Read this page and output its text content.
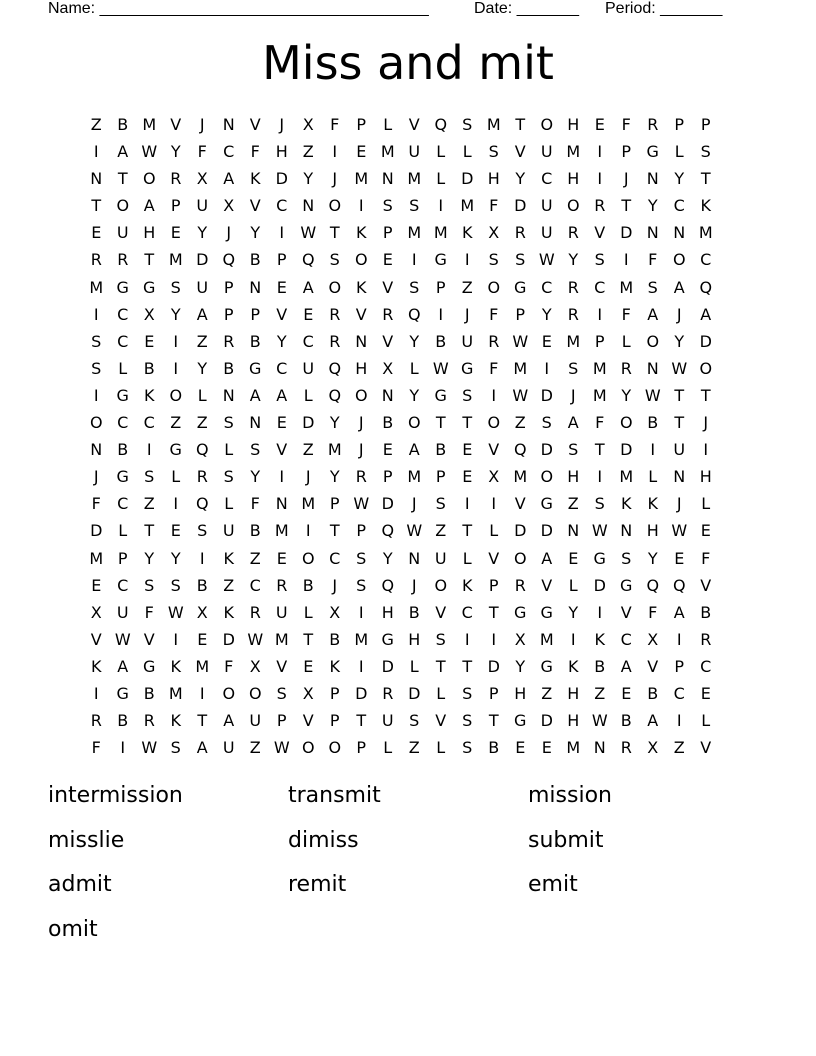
Name: _____________________________________	Date: _______ Period: _______
Miss and mit
Z B M V	J	N V	J	X	F	P	L	V Q S M T O H E	F	R	P	P
I	A W Y	F	C	F H Z	I	E M U	L	L	S V U M	I	P G L	S
N T O R X A K D Y	J	M N M L D H Y	C H	I	J	N Y	T
T O A	P U X V C N O	I	S	S	I	M F D U O R	T	Y	C K
E U H E	Y	J	Y	I	W T	K	P M M K X R U R V D N N M
R R	T M D Q B	P Q S O E	I	G	I	S	S W Y	S	I	F O C
M G G S U P N E A O K V S	P	Z O G C R C M S A Q
I	C X	Y	A	P	P	V E R V R Q	I	J	F	P	Y	R	I	F	A	J	A
S C E	I	Z R B	Y	C R N V	Y	B U R W E M P	L O Y D
S	L	B	I	Y	B G C U Q H X	L W G F M	I	S M R N W O
I	G K O L	N A A	L Q O N Y G S	I	W D	J	M Y W T	T
O C C Z Z S N E D Y	J	B O T	T O Z S A	F O B	T	J
N B	I	G Q L	S V Z M	J	E A B E V Q D S	T D	I	U	I
J	G S	L	R S	Y	I	J	Y	R	P M P	E X M O H	I	M L	N H
F	C Z	I	Q L	F N M P W D	J	S	I	I	V G Z S	K	K	J	L
D L	T	E	S U B M	I	T	P Q W Z	T	L D D N W N H W E
M P	Y	Y	I	K Z E O C S	Y N U	L	V O A E G S	Y	E	F
E C S	S B Z C R B	J	S Q	J	O K	P	R V	L D G Q Q V
X U	F W X K R U	L	X	I	H B V C	T G G Y	I	V	F	A B
V W V	I	E D W M T	B M G H S	I	I	X M	I	K C X	I	R
K A G K M F	X V E	K	I	D L	T	T D Y G K B A V	P	C
I	G B M	I	O O S X	P D R D L	S	P H Z H Z E B C E
R B R K	T	A U P	V	P	T U S V S	T G D H W B A	I	L
F	I	W S A U Z W O O P	L	Z	L	S B E	E M N R X Z V
intermission	transmit	mission
misslie	dimiss	submit
admit	remit	emit
omit
